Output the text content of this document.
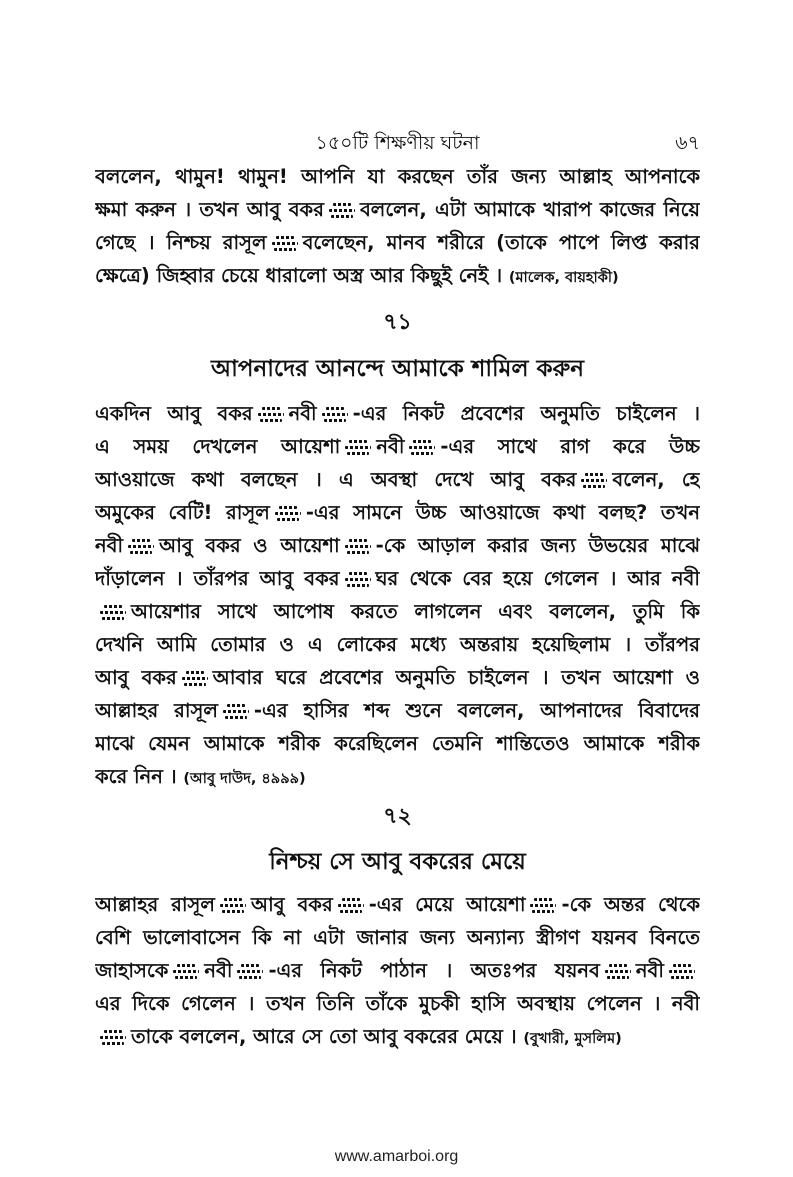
১৫০টি শিক্ষণীয় ঘটনা	৬৭
বললেন, থামুন! থামুন! আপনি যা করছেন তাঁর জন্য আল্লাহ আপনাকে
ক্ষমা করুন । তখন আবু বকর বললেন, এটা আমাকে খারাপ কাজের নিয়ে
গেছে । নিশ্চয় রাসূল বলেছেন, মানব শরীরে (তাকে পাপে লিপ্ত করার
ক্ষেত্রে) জিহ্বার চেয়ে ধারালো অস্ত্র আর কিছুই নেই । (মালেক, বায়হাকী)
৭১
আপনাদের আনন্দে আমাকে শামিল করুন
একদিন আবু বকর নবী -এর নিকট প্রবেশের অনুমতি চাইলেন ।
এ সময় দেখলেন আয়েশা নবী -এর সাথে রাগ করে উচ্চ
আওয়াজে কথা বলছেন । এ অবস্থা দেখে আবু বকর বলেন, হে
অমুকের বেটি! রাসূল -এর সামনে উচ্চ আওয়াজে কথা বলছ? তখন
নবী আবু বকর ও আয়েশা -কে আড়াল করার জন্য উভয়ের মাঝে
দাঁড়ালেন । তাঁরপর আবু বকর ঘর থেকে বের হয়ে গেলেন । আর নবী
আয়েশার সাথে আপোষ করতে লাগলেন এবং বললেন, তুমি কি
দেখনি আমি তোমার ও এ লোকের মধ্যে অন্তরায় হয়েছিলাম । তাঁরপর
আবু বকর আবার ঘরে প্রবেশের অনুমতি চাইলেন । তখন আয়েশা ও
আল্লাহর রাসূল -এর হাসির শব্দ শুনে বললেন, আপনাদের বিবাদের
মাঝে যেমন আমাকে শরীক করেছিলেন তেমনি শান্তিতেও আমাকে শরীক
করে নিন । (আবু দাউদ, ৪৯৯৯)
৭২
নিশ্চয় সে আবু বকরের মেয়ে
আল্লাহর রাসূল আবু বকর -এর মেয়ে আয়েশা -কে অন্তর থেকে
বেশি ভালোবাসেন কি না এটা জানার জন্য অন্যান্য স্ত্রীগণ যয়নব বিনতে
জাহাসকে নবী -এর নিকট পাঠান । অতঃপর যয়নব নবী
এর দিকে গেলেন । তখন তিনি তাঁকে মুচকী হাসি অবস্থায় পেলেন । নবী
তাকে বললেন, আরে সে তো আবু বকরের মেয়ে । (বুখারী, মুসলিম)
www.amarboi.org
